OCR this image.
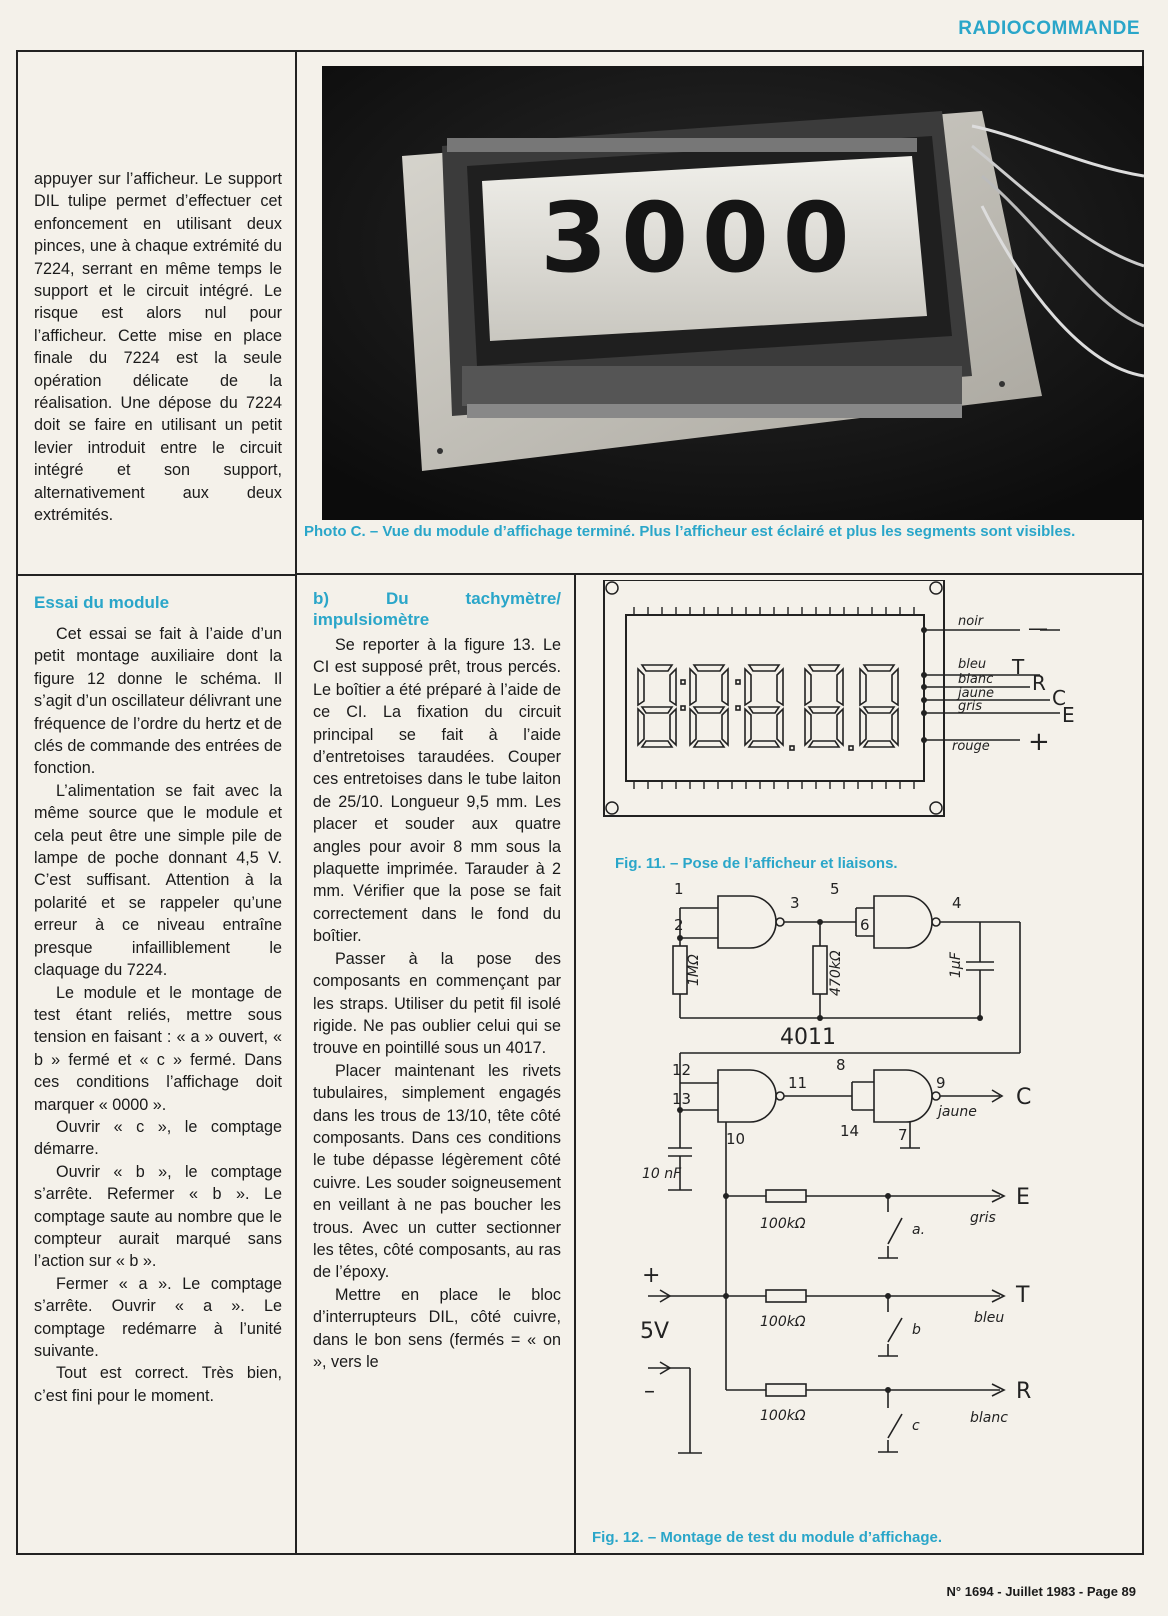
RADIOCOMMANDE

appuyer sur l’afficheur. Le support DIL tulipe permet d’effectuer cet enfoncement en utilisant deux pinces, une à chaque extrémité du 7224, serrant en même temps le support et le circuit intégré. Le risque est alors nul pour l’afficheur. Cette mise en place finale du 7224 est la seule opération délicate de la réalisation. Une dépose du 7224 doit se faire en utilisant un petit levier introduit entre le circuit intégré et son support, alternativement aux deux extrémités.

Essai du module

Cet essai se fait à l’aide d’un petit montage auxiliaire dont la figure 12 donne le schéma. Il s’agit d’un oscillateur délivrant une fréquence de l’ordre du hertz et de clés de commande des entrées de fonction.

L’alimentation se fait avec la même source que le module et cela peut être une simple pile de lampe de poche donnant 4,5 V. C’est suffisant. Attention à la polarité et se rappeler qu’une erreur à ce niveau entraîne presque infailliblement le claquage du 7224.

Le module et le montage de test étant reliés, mettre sous tension en faisant : « a » ouvert, « b » fermé et « c » fermé. Dans ces conditions l’affichage doit marquer « 0000 ».

Ouvrir « c », le comptage démarre.

Ouvrir « b », le comptage s’arrête. Refermer « b ». Le comptage saute au nombre que le compteur aurait marqué sans l’action sur « b ».

Fermer « a ». Le comptage s’arrête. Ouvrir « a ». Le comptage redémarre à l’unité suivante.

Tout est correct. Très bien, c’est fini pour le moment.

b) Du tachymètre/ impulsiomètre

Se reporter à la figure 13. Le CI est supposé prêt, trous percés. Le boîtier a été préparé à l’aide de ce CI. La fixation du circuit principal se fait à l’aide d’entretoises taraudées. Couper ces entretoises dans le tube laiton de 25/10. Longueur 9,5 mm. Les placer et souder aux quatre angles pour avoir 8 mm sous la plaquette imprimée. Tarauder à 2 mm. Vérifier que la pose se fait correctement dans le fond du boîtier.

Passer à la pose des composants en commençant par les straps. Utiliser du petit fil isolé rigide. Ne pas oublier celui qui se trouve en pointillé sous un 4017.

Placer maintenant les rivets tubulaires, simplement engagés dans les trous de 13/10, tête côté composants. Dans ces conditions le tube dépasse légèrement côté cuivre. Les souder soigneusement en veillant à ne pas boucher les trous. Avec un cutter sectionner les têtes, côté composants, au ras de l’époxy.

Mettre en place le bloc d’interrupteurs DIL, côté cuivre, dans le bon sens (fermés = « on », vers le

3000
Photo C. – Vue du module d’affichage terminé. Plus l’afficheur est éclairé et plus les segments sont visibles.
noir
bleu
blanc
jaune
gris
rouge
—
T
R
C
E
+
Fig. 11. – Pose de l’afficheur et liaisons.
1
2
3
5
6
4
12
13
11
8
9
10	14	7
1MΩ	470kΩ	1μF
10 nF
100kΩ
100kΩ
100kΩ
a.
b
c
jaune
gris
bleu
blanc
4011
C
E
T
R
+
5V
–
Fig. 12. – Montage de test du module d’affichage.
N° 1694 - Juillet 1983 - Page 89
